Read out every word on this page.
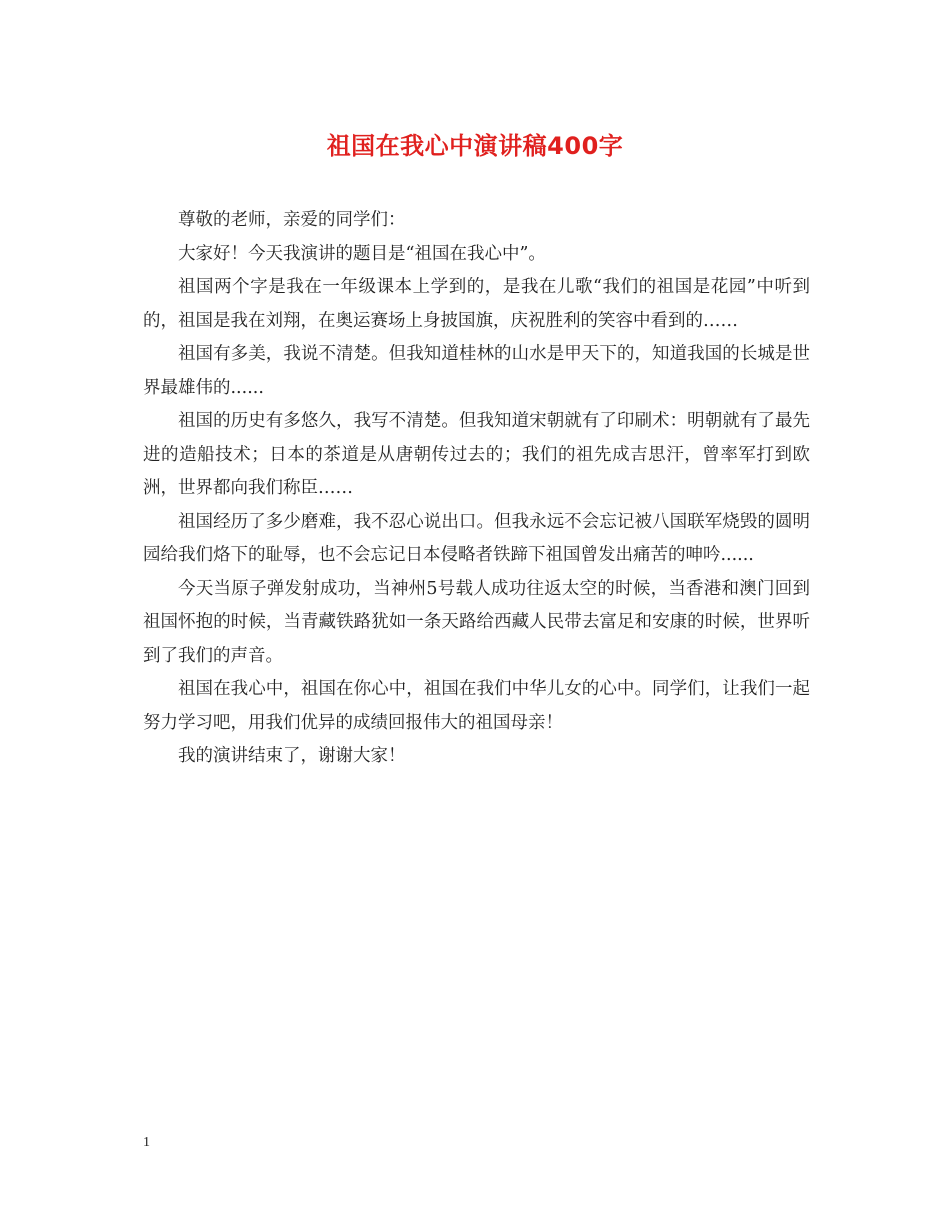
祖国在我心中演讲稿400字

尊敬的老师，亲爱的同学们：

大家好！今天我演讲的题目是“祖国在我心中”。

祖国两个字是我在一年级课本上学到的，是我在儿歌“我们的祖国是花园”中听到的，祖国是我在刘翔，在奥运赛场上身披国旗，庆祝胜利的笑容中看到的……

祖国有多美，我说不清楚。但我知道桂林的山水是甲天下的，知道我国的长城是世界最雄伟的......

祖国的历史有多悠久，我写不清楚。但我知道宋朝就有了印刷术：明朝就有了最先进的造船技术；日本的茶道是从唐朝传过去的；我们的祖先成吉思汗，曾率军打到欧洲，世界都向我们称臣……

祖国经历了多少磨难，我不忍心说出口。但我永远不会忘记被八国联军烧毁的圆明园给我们烙下的耻辱，也不会忘记日本侵略者铁蹄下祖国曾发出痛苦的呻吟......

今天当原子弹发射成功，当神州5号载人成功往返太空的时候，当香港和澳门回到祖国怀抱的时候，当青藏铁路犹如一条天路给西藏人民带去富足和安康的时候，世界听到了我们的声音。

祖国在我心中，祖国在你心中，祖国在我们中华儿女的心中。同学们，让我们一起努力学习吧，用我们优异的成绩回报伟大的祖国母亲！

我的演讲结束了，谢谢大家！

1
